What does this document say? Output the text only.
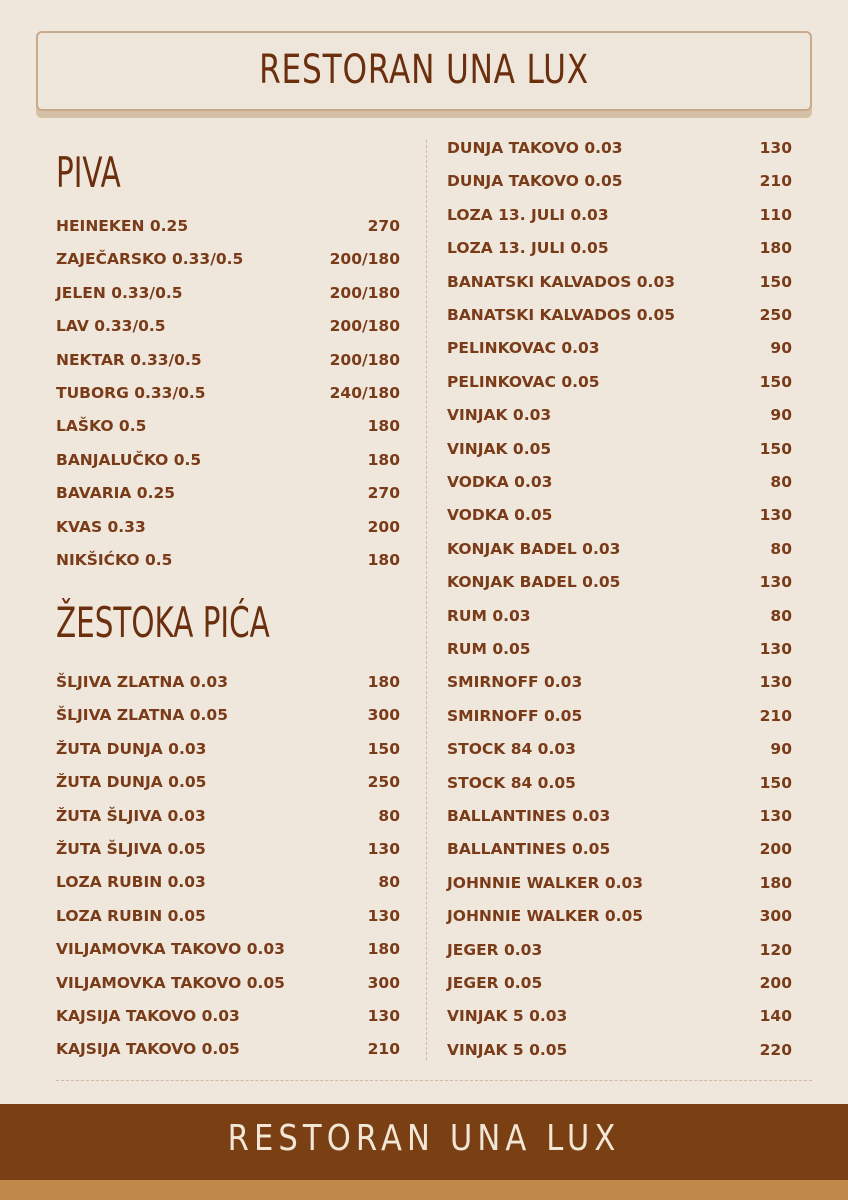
RESTORAN UNA LUX
PIVA
HEINEKEN 0.25	270
ZAJEČARSKO 0.33/0.5	200/180
JELEN 0.33/0.5	200/180
LAV 0.33/0.5	200/180
NEKTAR 0.33/0.5	200/180
TUBORG 0.33/0.5	240/180
LAŠKO 0.5	180
BANJALUČKO 0.5	180
BAVARIA 0.25	270
KVAS 0.33	200
NIKŠIĆKO 0.5	180
ŽESTOKA PIĆA
ŠLJIVA ZLATNA 0.03	180
ŠLJIVA ZLATNA 0.05	300
ŽUTA DUNJA 0.03	150
ŽUTA DUNJA 0.05	250
ŽUTA ŠLJIVA 0.03	80
ŽUTA ŠLJIVA 0.05	130
LOZA RUBIN 0.03	80
LOZA RUBIN 0.05	130
VILJAMOVKA TAKOVO 0.03	180
VILJAMOVKA TAKOVO 0.05	300
KAJSIJA TAKOVO 0.03	130
KAJSIJA TAKOVO 0.05	210
DUNJA TAKOVO 0.03	130
DUNJA TAKOVO 0.05	210
LOZA 13. JULI 0.03	110
LOZA 13. JULI 0.05	180
BANATSKI KALVADOS 0.03	150
BANATSKI KALVADOS 0.05	250
PELINKOVAC 0.03	90
PELINKOVAC 0.05	150
VINJAK 0.03	90
VINJAK 0.05	150
VODKA 0.03	80
VODKA 0.05	130
KONJAK BADEL 0.03	80
KONJAK BADEL 0.05	130
RUM 0.03	80
RUM 0.05	130
SMIRNOFF 0.03	130
SMIRNOFF 0.05	210
STOCK 84 0.03	90
STOCK 84 0.05	150
BALLANTINES 0.03	130
BALLANTINES 0.05	200
JOHNNIE WALKER 0.03	180
JOHNNIE WALKER 0.05	300
JEGER 0.03	120
JEGER 0.05	200
VINJAK 5 0.03	140
VINJAK 5 0.05	220
RESTORAN UNA LUX
